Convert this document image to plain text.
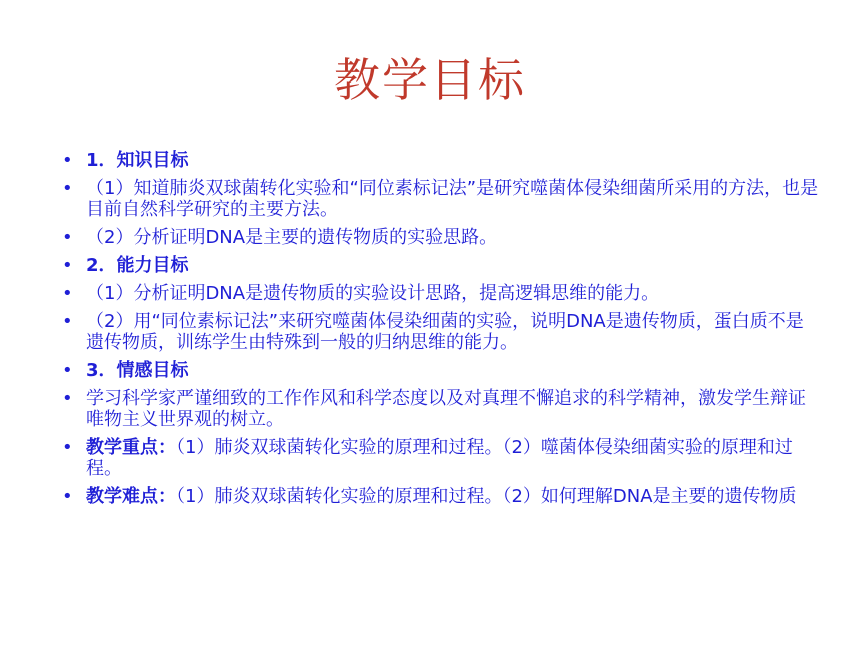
教学目标
• 1．知识目标
• （1）知道肺炎双球菌转化实验和“同位素标记法”是研究噬菌体侵染细菌所采用的方法，也是目前自然科学研究的主要方法。
• （2）分析证明DNA是主要的遗传物质的实验思路。
• 2．能力目标
• （1）分析证明DNA是遗传物质的实验设计思路，提高逻辑思维的能力。
• （2）用“同位素标记法”来研究噬菌体侵染细菌的实验，说明DNA是遗传物质，蛋白质不是遗传物质，训练学生由特殊到一般的归纳思维的能力。
• 3．情感目标
• 学习科学家严谨细致的工作作风和科学态度以及对真理不懈追求的科学精神，激发学生辩证唯物主义世界观的树立。
• 教学重点：（1）肺炎双球菌转化实验的原理和过程。（2）噬菌体侵染细菌实验的原理和过程。
• 教学难点：（1）肺炎双球菌转化实验的原理和过程。（2）如何理解DNA是主要的遗传物质
